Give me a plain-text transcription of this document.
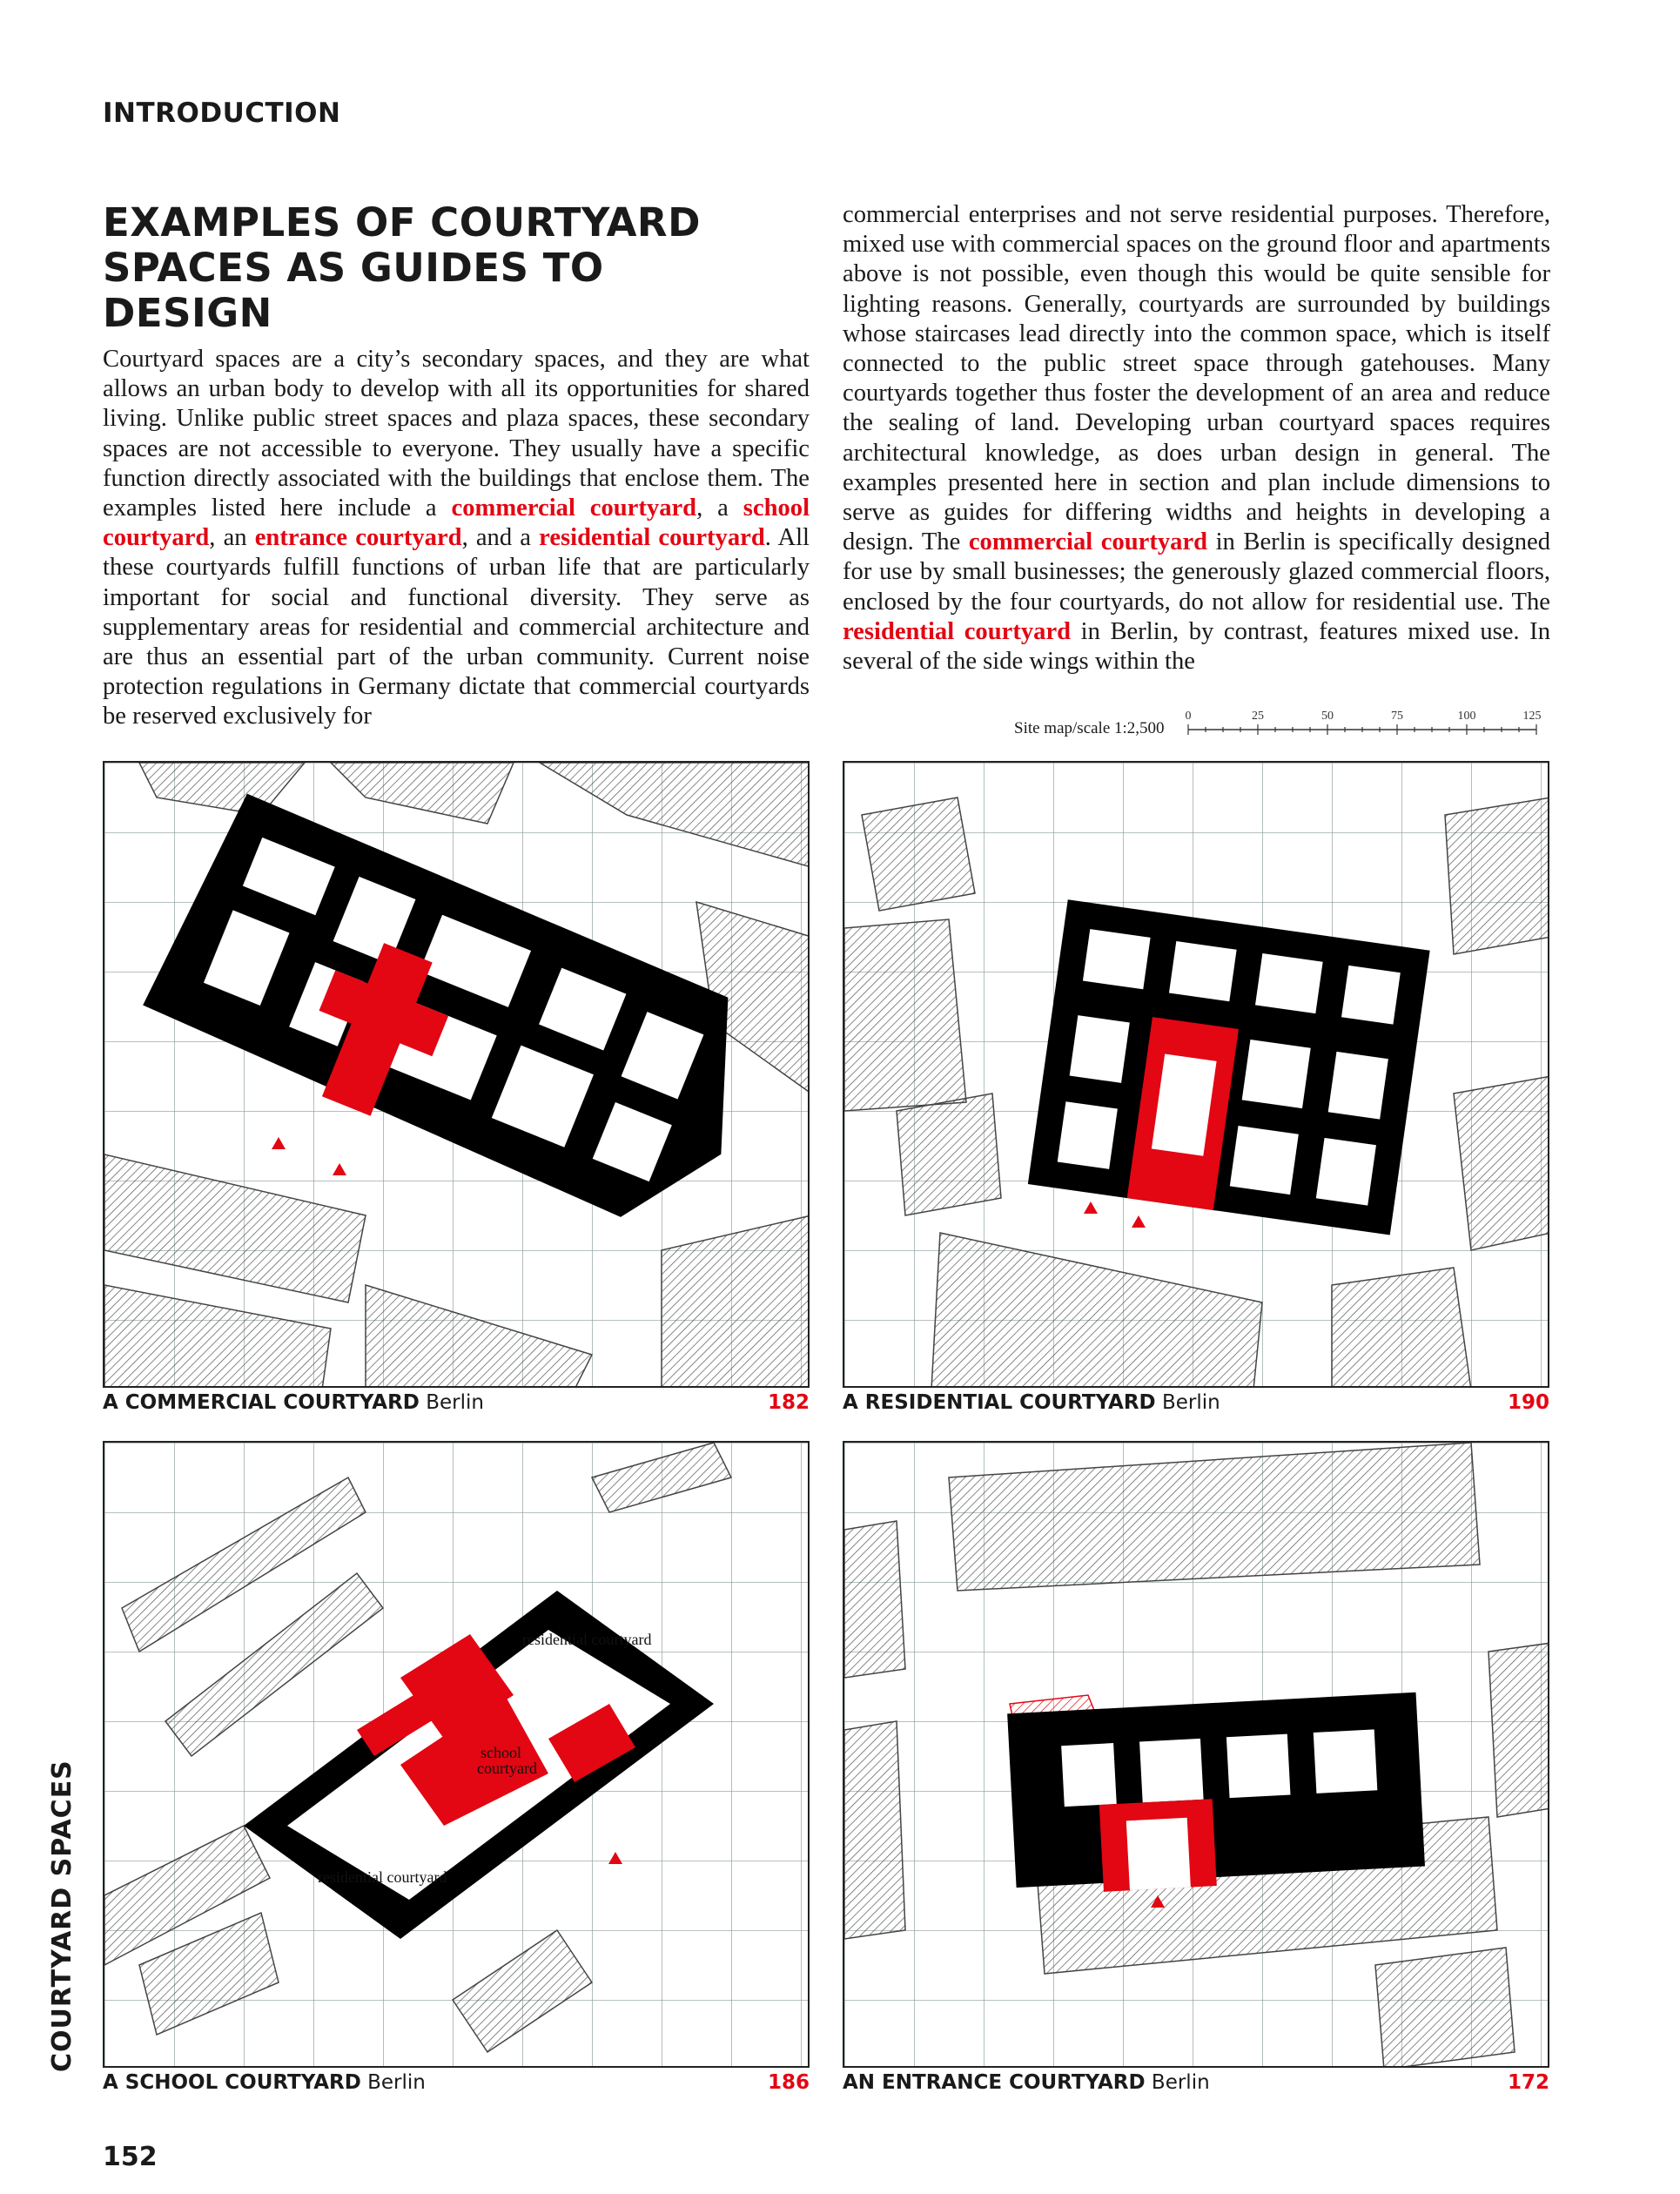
INTRODUCTION
EXAMPLES OF COURTYARD SPACES AS GUIDES TO DESIGN
Courtyard spaces are a city’s secondary spaces, and they are what allows an urban body to develop with all its opportunities for shared living. Unlike public street spaces and plaza spaces, these secondary spaces are not accessible to everyone. They usually have a specific function directly associated with the buildings that enclose them. The examples listed here include a commercial courtyard, a school courtyard, an entrance courtyard, and a residential courtyard. All these courtyards fulfill functions of urban life that are particularly important for social and functional diversity. They serve as supplementary areas for residential and commercial architecture and are thus an essential part of the urban community. Current noise protection regulations in Germany dictate that commercial courtyards be reserved exclusively for
commercial enterprises and not serve residential purposes. Therefore, mixed use with commercial spaces on the ground floor and apartments above is not possible, even though this would be quite sensible for lighting reasons. Generally, courtyards are surrounded by buildings whose staircases lead directly into the common space, which is itself connected to the public street space through gatehouses. Many courtyards together thus foster the development of an area and reduce the sealing of land. Developing urban courtyard spaces requires architectural knowledge, as does urban design in general. The examples presented here in section and plan include dimensions to serve as guides for differing widths and heights in developing a design. The commercial courtyard in Berlin is specifically designed for use by small businesses; the generously glazed commercial floors, enclosed by the four courtyards, do not allow for residential use. The residential courtyard in Berlin, by contrast, features mixed use. In several of the side wings within the
Site map/scale 1:2,500
0	25	50	75	100	125
A COMMERCIAL COURTYARD Berlin	182 A RESIDENTIAL COURTYARD Berlin	190
residential courtyard
school
courtyard
residential courtyard
A SCHOOL COURTYARD Berlin	186 AN ENTRANCE COURTYARD Berlin	172
COURTYARD SPACES
152
